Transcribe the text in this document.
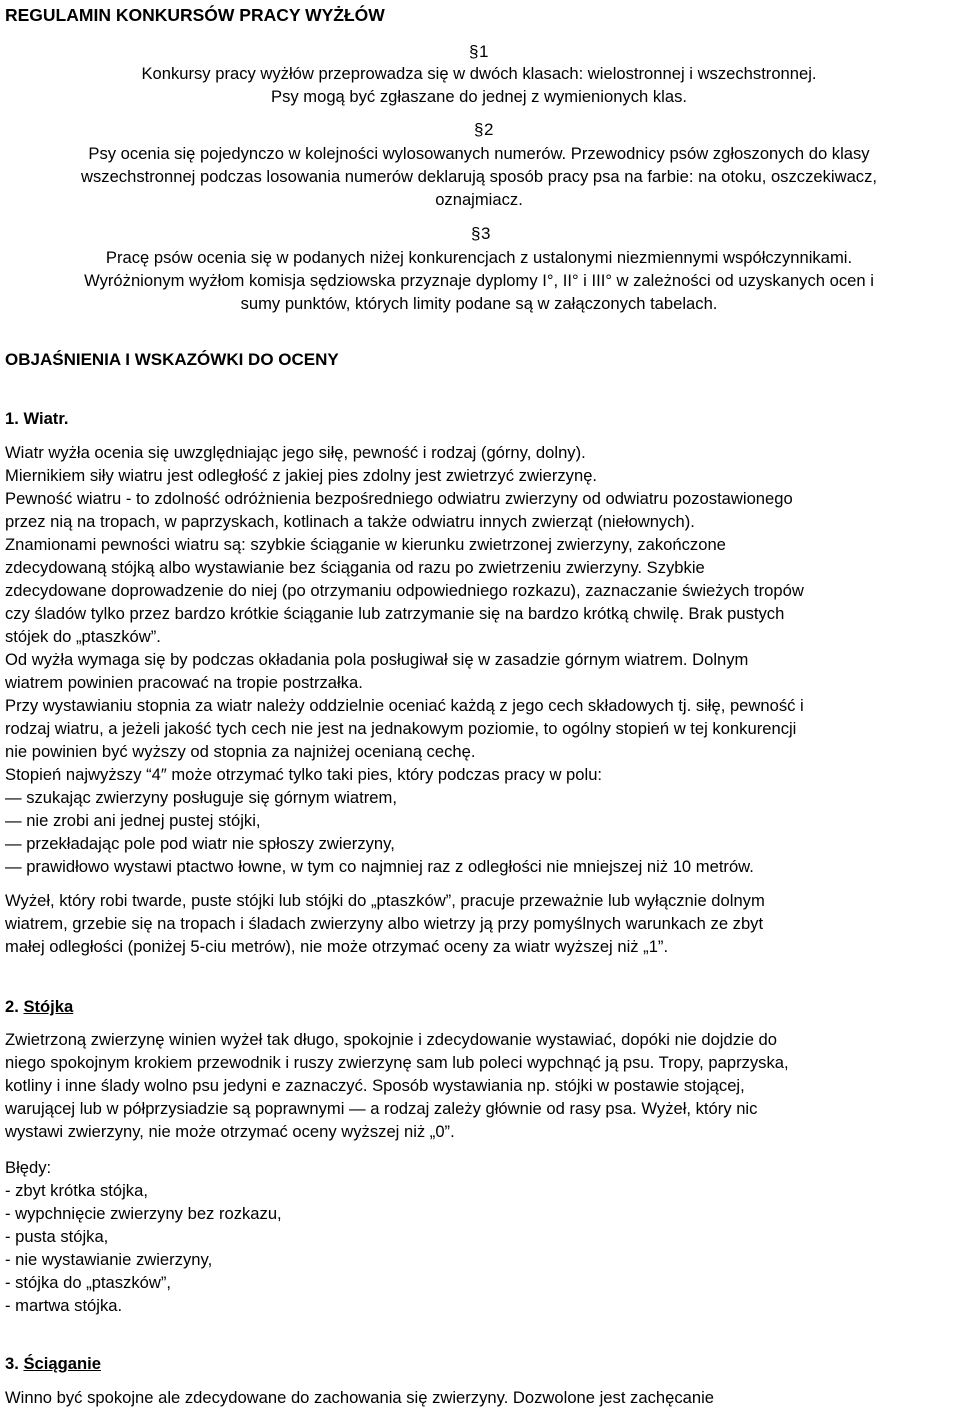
REGULAMIN KONKURSÓW PRACY WYŻŁÓW
§1
Konkursy pracy wyżłów przeprowadza się w dwóch klasach: wielostronnej i wszechstronnej.
Psy mogą być zgłaszane do jednej z wymienionych klas.
§2
Psy ocenia się pojedynczo w kolejności wylosowanych numerów. Przewodnicy psów zgłoszonych do klasy
wszechstronnej podczas losowania numerów deklarują sposób pracy psa na farbie: na otoku, oszczekiwacz,
oznajmiacz.
§3
Pracę psów ocenia się w podanych niżej konkurencjach z ustalonymi niezmiennymi współczynnikami.
Wyróżnionym wyżłom komisja sędziowska przyznaje dyplomy I°, II° i III° w zależności od uzyskanych ocen i
sumy punktów, których limity podane są w załączonych tabelach.
OBJAŚNIENIA I WSKAZÓWKI DO OCENY
1. Wiatr.
Wiatr wyżła ocenia się uwzględniając jego siłę, pewność i rodzaj (górny, dolny).
Miernikiem siły wiatru jest odległość z jakiej pies zdolny jest zwietrzyć zwierzynę.
Pewność wiatru - to zdolność odróżnienia bezpośredniego odwiatru zwierzyny od odwiatru pozostawionego
przez nią na tropach, w paprzyskach, kotlinach a także odwiatru innych zwierząt (niełownych).
Znamionami pewności wiatru są: szybkie ściąganie w kierunku zwietrzonej zwierzyny, zakończone
zdecydowaną stójką albo wystawianie bez ściągania od razu po zwietrzeniu zwierzyny. Szybkie
zdecydowane doprowadzenie do niej (po otrzymaniu odpowiedniego rozkazu), zaznaczanie świeżych tropów
czy śladów tylko przez bardzo krótkie ściąganie lub zatrzymanie się na bardzo krótką chwilę. Brak pustych
stójek do „ptaszków”.
Od wyżła wymaga się by podczas okładania pola posługiwał się w zasadzie górnym wiatrem. Dolnym
wiatrem powinien pracować na tropie postrzałka.
Przy wystawianiu stopnia za wiatr należy oddzielnie oceniać każdą z jego cech składowych tj. siłę, pewność i
rodzaj wiatru, a jeżeli jakość tych cech nie jest na jednakowym poziomie, to ogólny stopień w tej konkurencji
nie powinien być wyższy od stopnia za najniżej ocenianą cechę.
Stopień najwyższy “4″ może otrzymać tylko taki pies, który podczas pracy w polu:
— szukając zwierzyny posługuje się górnym wiatrem,
— nie zrobi ani jednej pustej stójki,
— przekładając pole pod wiatr nie spłoszy zwierzyny,
— prawidłowo wystawi ptactwo łowne, w tym co najmniej raz z odległości nie mniejszej niż 10 metrów.
Wyżeł, który robi twarde, puste stójki lub stójki do „ptaszków”, pracuje przeważnie lub wyłącznie dolnym
wiatrem, grzebie się na tropach i śladach zwierzyny albo wietrzy ją przy pomyślnych warunkach ze zbyt
małej odległości (poniżej 5-ciu metrów), nie może otrzymać oceny za wiatr wyższej niż „1”.
2. Stójka
Zwietrzoną zwierzynę winien wyżeł tak długo, spokojnie i zdecydowanie wystawiać, dopóki nie dojdzie do
niego spokojnym krokiem przewodnik i ruszy zwierzynę sam lub poleci wypchnąć ją psu. Tropy, paprzyska,
kotliny i inne ślady wolno psu jedyni e zaznaczyć. Sposób wystawiania np. stójki w postawie stojącej,
warującej lub w półprzysiadzie są poprawnymi — a rodzaj zależy głównie od rasy psa. Wyżeł, który nic
wystawi zwierzyny, nie może otrzymać oceny wyższej niż „0”.
Błędy:
- zbyt krótka stójka,
- wypchnięcie zwierzyny bez rozkazu,
- pusta stójka,
- nie wystawianie zwierzyny,
- stójka do „ptaszków”,
- martwa stójka.
3. Ściąganie
Winno być spokojne ale zdecydowane do zachowania się zwierzyny. Dozwolone jest zachęcanie
